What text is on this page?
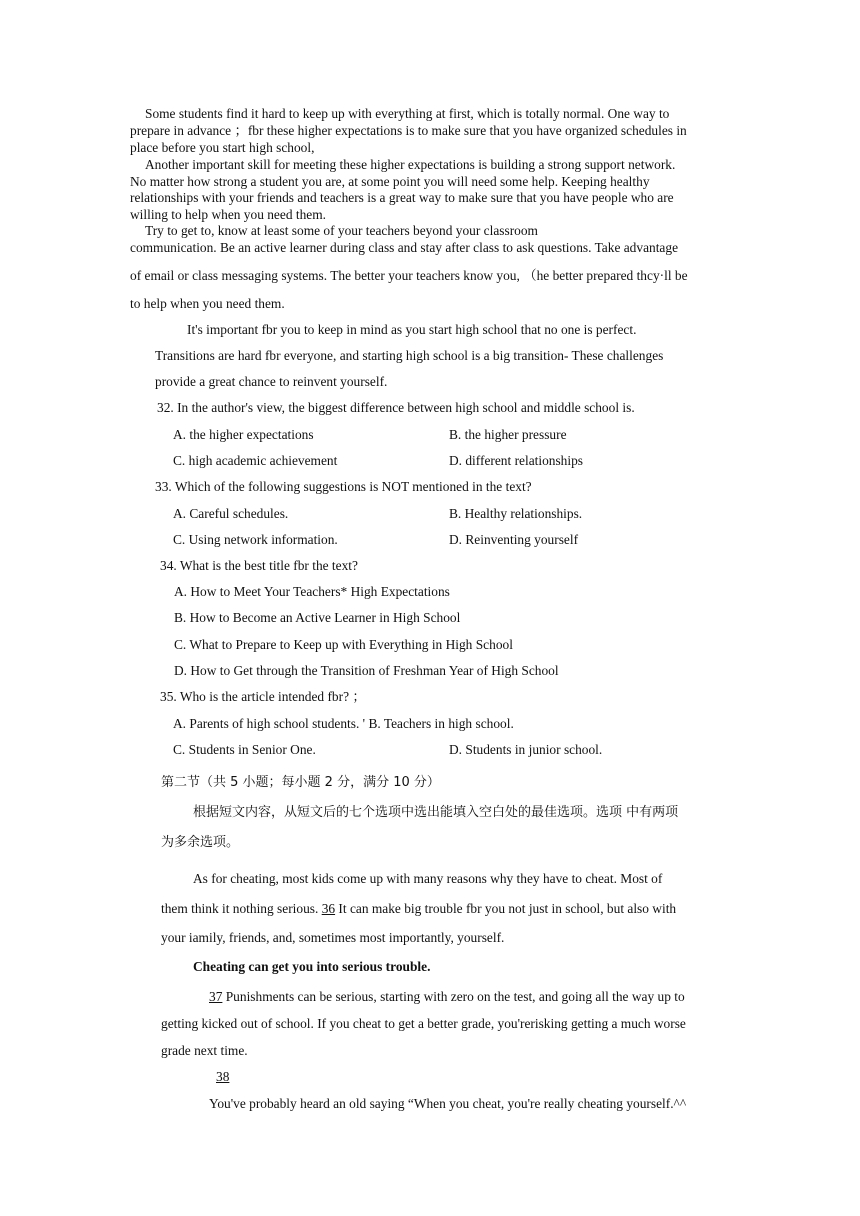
Some students find it hard to keep up with everything at first, which is totally normal. One way to
prepare in advance ；fbr these higher expectations is to make sure that you have organized schedules in
place before you start high school,
Another important skill for meeting these higher expectations is building a strong support network.
No matter how strong a student you are, at some point you will need some help. Keeping healthy
relationships with your friends and teachers is a great way to make sure that you have people who are
willing to help when you need them.
Try to get to, know at least some of your teachers beyond your classroom
communication. Be an active learner during class and stay after class to ask questions. Take advantage
of email or class messaging systems. The better your teachers know you, （he better prepared thcy·ll be
to help when you need them.
It's important fbr you to keep in mind as you start high school that no one is perfect.
Transitions are hard fbr everyone, and starting high school is a big transition- These challenges
provide a great chance to reinvent yourself.
32. In the author's view, the biggest difference between high school and middle school is.
A. the higher expectations	B. the higher pressure
C. high academic achievement	D. different relationships
33. Which of the following suggestions is NOT mentioned in the text?
A. Careful schedules.	B. Healthy relationships.
C. Using network information.	D. Reinventing yourself
34. What is the best title fbr the text?
A. How to Meet Your Teachers* High Expectations
B. How to Become an Active Learner in High School
C. What to Prepare to Keep up with Everything in High School
D. How to Get through the Transition of Freshman Year of High School
35. Who is the article intended fbr? ；
A. Parents of high school students. ' B. Teachers in high school.
C. Students in Senior One.	D. Students in junior school.
第二节（共 5 小题；每小题 2 分，满分 10 分）
根据短文内容，从短文后的七个选项中选出能填入空白处的最佳选项。选项 中有两项
为多余选项。
As for cheating, most kids come up with many reasons why they have to cheat. Most of
them think it nothing serious. 36 It can make big trouble fbr you not just in school, but also with
your iamily, friends, and, sometimes most importantly, yourself.
Cheating can get you into serious trouble.
37 Punishments can be serious, starting with zero on the test, and going all the way up to
getting kicked out of school. If you cheat to get a better grade, you'rerisking getting a much worse
grade next time.
38
You've probably heard an old saying “When you cheat, you're really cheating yourself.^^
